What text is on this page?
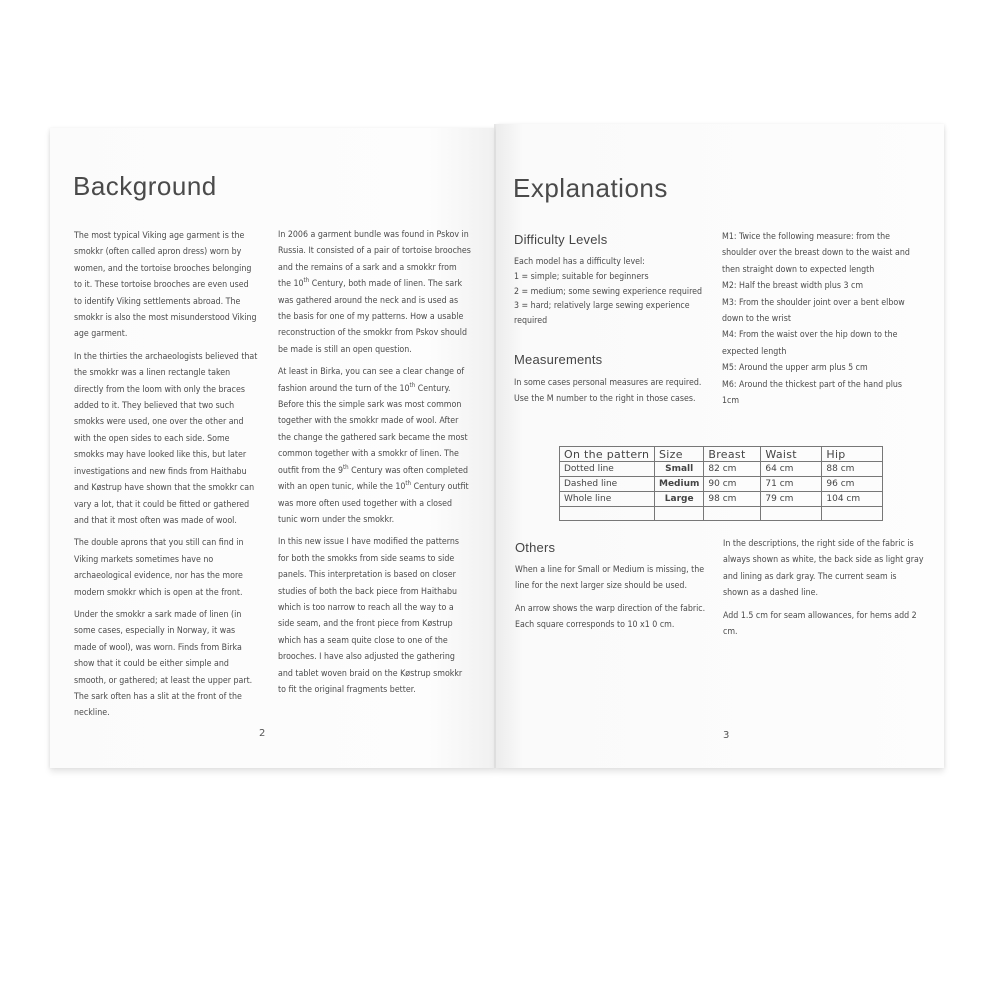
Background

The most typical Viking age garment is the smokkr (often called apron dress) worn by women, and the tortoise brooches belonging to it. These tortoise brooches are even used to identify Viking settlements abroad. The smokkr is also the most misunderstood Viking age garment.

In the thirties the archaeologists believed that the smokkr was a linen rectangle taken directly from the loom with only the braces added to it. They believed that two such smokks were used, one over the other and with the open sides to each side. Some smokks may have looked like this, but later investigations and new finds from Haithabu and Køstrup have shown that the smokkr can vary a lot, that it could be fitted or gathered and that it most often was made of wool.

The double aprons that you still can find in Viking markets sometimes have no archaeological evidence, nor has the more modern smokkr which is open at the front.

Under the smokkr a sark made of linen (in some cases, especially in Norway, it was made of wool), was worn. Finds from Birka show that it could be either simple and smooth, or gathered; at least the upper part. The sark often has a slit at the front of the neckline.

In 2006 a garment bundle was found in Pskov in Russia. It consisted of a pair of tortoise brooches and the remains of a sark and a smokkr from the 10th Century, both made of linen. The sark was gathered around the neck and is used as the basis for one of my patterns. How a usable reconstruction of the smokkr from Pskov should be made is still an open question.

At least in Birka, you can see a clear change of fashion around the turn of the 10th Century. Before this the simple sark was most common together with the smokkr made of wool. After the change the gathered sark became the most common together with a smokkr of linen. The outfit from the 9th Century was often completed with an open tunic, while the 10th Century outfit was more often used together with a closed tunic worn under the smokkr.

In this new issue I have modified the patterns for both the smokks from side seams to side panels. This interpretation is based on closer studies of both the back piece from Haithabu which is too narrow to reach all the way to a side seam, and the front piece from Køstrup which has a seam quite close to one of the brooches. I have also adjusted the gathering and tablet woven braid on the Køstrup smokkr to fit the original fragments better.

2
Explanations
Difficulty Levels
Each model has a difficulty level:
1 = simple; suitable for beginners
2 = medium; some sewing experience required
3 = hard; relatively large sewing experience required
Measurements
In some cases personal measures are required. Use the M number to the right in those cases.
M1: Twice the following measure: from the shoulder over the breast down to the waist and then straight down to expected length
M2: Half the breast width plus 3 cm
M3: From the shoulder joint over a bent elbow down to the wrist
M4: From the waist over the hip down to the expected length
M5: Around the upper arm plus 5 cm
M6: Around the thickest part of the hand plus 1cm
On the pattern	Size	Breast	Waist	Hip
Dotted line	Small	82 cm	64 cm	88 cm
Dashed line	Medium	90 cm	71 cm	96 cm
Whole line	Large	98 cm	79 cm	104 cm

Others

When a line for Small or Medium is missing, the line for the next larger size should be used.

An arrow shows the warp direction of the fabric. Each square corresponds to 10 x1 0 cm.

In the descriptions, the right side of the fabric is always shown as white, the back side as light gray and lining as dark gray. The current seam is shown as a dashed line.

Add 1.5 cm for seam allowances, for hems add 2 cm.

3
